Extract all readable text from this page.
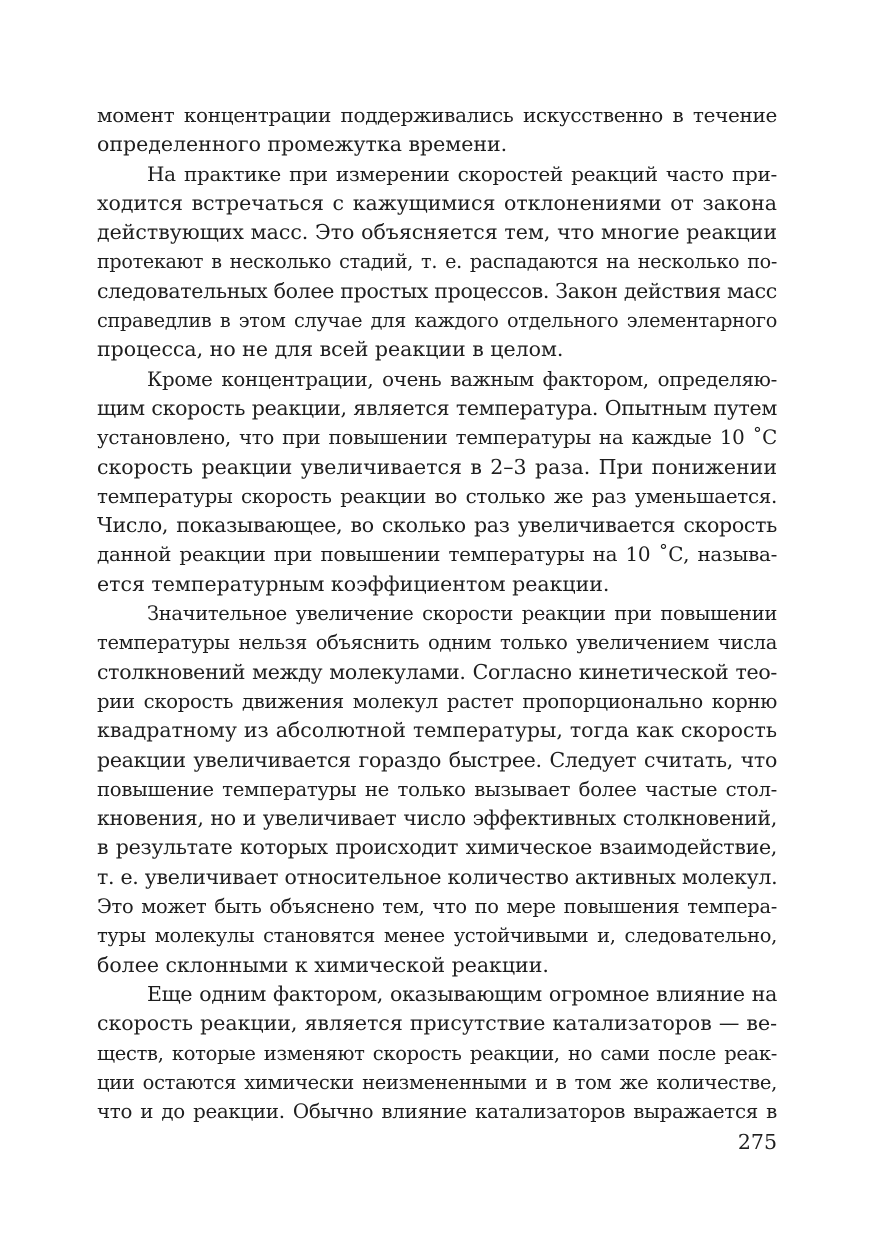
момент концентрации поддерживались искусственно в течение
определенного промежутка времени.
На практике при измерении скоростей реакций часто при-
ходится встречаться с кажущимися отклонениями от закона
действующих масс. Это объясняется тем, что многие реакции
протекают в несколько стадий, т. е. распадаются на несколько по-
следовательных более простых процессов. Закон действия масс
справедлив в этом случае для каждого отдельного элементарного
процесса, но не для всей реакции в целом.
Кроме концентрации, очень важным фактором, определяю-
щим скорость реакции, является температура. Опытным путем
установлено, что при повышении температуры на каждые 10 ˚С
скорость реакции увеличивается в 2–3 раза. При понижении
температуры скорость реакции во столько же раз уменьшается.
Число, показывающее, во сколько раз увеличивается скорость
данной реакции при повышении температуры на 10 ˚С, называ-
ется температурным коэффициентом реакции.
Значительное увеличение скорости реакции при повышении
температуры нельзя объяснить одним только увеличением числа
столкновений между молекулами. Согласно кинетической тео-
рии скорость движения молекул растет пропорционально корню
квадратному из абсолютной температуры, тогда как скорость
реакции увеличивается гораздо быстрее. Следует считать, что
повышение температуры не только вызывает более частые стол-
кновения, но и увеличивает число эффективных столкновений,
в результате которых происходит химическое взаимодействие,
т. е. увеличивает относительное количество активных молекул.
Это может быть объяснено тем, что по мере повышения темпера-
туры молекулы становятся менее устойчивыми и, следовательно,
более склонными к химической реакции.
Еще одним фактором, оказывающим огромное влияние на
скорость реакции, является присутствие катализаторов — ве-
ществ, которые изменяют скорость реакции, но сами после реак-
ции остаются химически неизмененными и в том же количестве,
что и до реакции. Обычно влияние катализаторов выражается в
275
